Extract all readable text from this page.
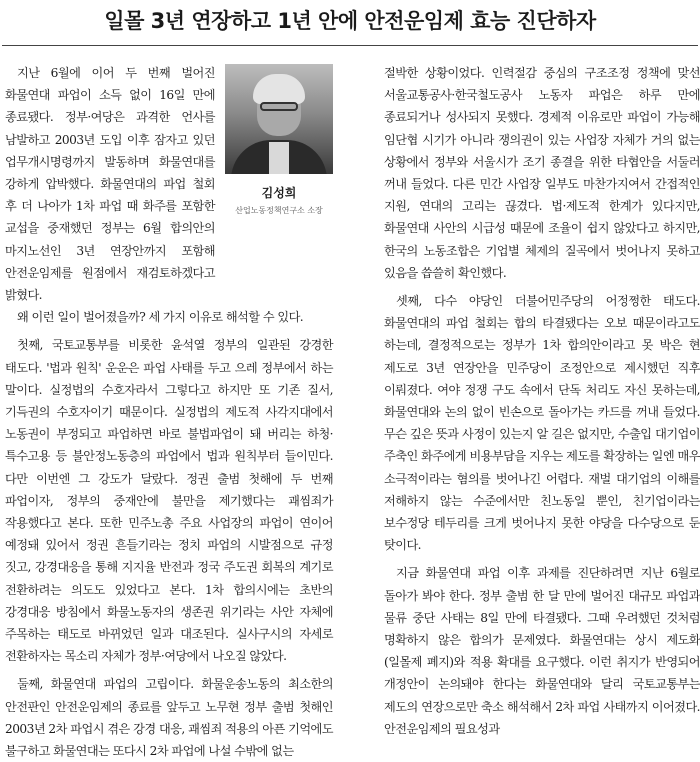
일몰 3년 연장하고 1년 안에 안전운임제 효능 진단하자
김성희
산업노동정책연구소 소장

지난 6월에 이어 두 번째 벌어진 화물연대 파업이 소득 없이 16일 만에 종료됐다. 정부·여당은 과격한 언사를 남발하고 2003년 도입 이후 잠자고 있던 업무개시명령까지 발동하며 화물연대를 강하게 압박했다. 화물연대의 파업 철회 후 더 나아가 1차 파업 때 화주를 포함한 교섭을 중재했던 정부는 6월 합의안의 마지노선인 3년 연장안까지 포함해 안전운임제를 원점에서 재검토하겠다고 밝혔다.

왜 이런 일이 벌어졌을까? 세 가지 이유로 해석할 수 있다.

첫째, 국토교통부를 비롯한 윤석열 정부의 일관된 강경한 태도다. '법과 원칙' 운운은 파업 사태를 두고 으레 정부에서 하는 말이다. 실정법의 수호자라서 그렇다고 하지만 또 기존 질서, 기득권의 수호자이기 때문이다. 실정법의 제도적 사각지대에서 노동권이 부정되고 파업하면 바로 불법파업이 돼 버리는 하청·특수고용 등 불안정노동층의 파업에서 법과 원칙부터 들이민다. 다만 이번엔 그 강도가 달랐다. 정권 출범 첫해에 두 번째 파업이자, 정부의 중재안에 불만을 제기했다는 괘씸죄가 작용했다고 본다. 또한 민주노총 주요 사업장의 파업이 연이어 예정돼 있어서 정권 흔들기라는 정치 파업의 시발점으로 규정 짓고, 강경대응을 통해 지지율 반전과 정국 주도권 회복의 계기로 전환하려는 의도도 있었다고 본다. 1차 합의시에는 초반의 강경대응 방침에서 화물노동자의 생존권 위기라는 사안 자체에 주목하는 태도로 바뀌었던 일과 대조된다. 실사구시의 자세로 전환하자는 목소리 자체가 정부·여당에서 나오질 않았다.

둘째, 화물연대 파업의 고립이다. 화물운송노동의 최소한의 안전판인 안전운임제의 종료를 앞두고 노무현 정부 출범 첫해인 2003년 2차 파업시 겪은 강경 대응, 괘씸죄 적용의 아픈 기억에도 불구하고 화물연대는 또다시 2차 파업에 나설 수밖에 없는

절박한 상황이었다. 인력절감 중심의 구조조정 정책에 맞선 서울교통공사·한국철도공사 노동자 파업은 하루 만에 종료되거나 성사되지 못했다. 경제적 이유로만 파업이 가능해 임단협 시기가 아니라 쟁의권이 있는 사업장 자체가 거의 없는 상황에서 정부와 서울시가 조기 종결을 위한 타협안을 서둘러 꺼내 들었다. 다른 민간 사업장 일부도 마찬가지여서 간접적인 지원, 연대의 고리는 끊겼다. 법·제도적 한계가 있다지만, 화물연대 사안의 시급성 때문에 조율이 쉽지 않았다고 하지만, 한국의 노동조합은 기업별 체제의 질곡에서 벗어나지 못하고 있음을 씁쓸히 확인했다.

셋째, 다수 야당인 더불어민주당의 어정쩡한 태도다. 화물연대의 파업 철회는 합의 타결됐다는 오보 때문이라고도 하는데, 결정적으로는 정부가 1차 합의안이라고 못 박은 현 제도로 3년 연장안을 민주당이 조정안으로 제시했던 직후 이뤄졌다. 여야 정쟁 구도 속에서 단독 처리도 자신 못하는데, 화물연대와 논의 없이 빈손으로 돌아가는 카드를 꺼내 들었다. 무슨 깊은 뜻과 사정이 있는지 알 길은 없지만, 수출입 대기업이 주축인 화주에게 비용부담을 지우는 제도를 확장하는 일엔 매우 소극적이라는 혐의를 벗어나긴 어렵다. 재벌 대기업의 이해를 저해하지 않는 수준에서만 친노동일 뿐인, 친기업이라는 보수정당 테두리를 크게 벗어나지 못한 야당을 다수당으로 둔 탓이다.

지금 화물연대 파업 이후 과제를 진단하려면 지난 6월로 돌아가 봐야 한다. 정부 출범 한 달 만에 벌어진 대규모 파업과 물류 중단 사태는 8일 만에 타결됐다. 그때 우려했던 것처럼 명확하지 않은 합의가 문제였다. 화물연대는 상시 제도화(일몰제 폐지)와 적용 확대를 요구했다. 이런 취지가 반영되어 개정안이 논의돼야 한다는 화물연대와 달리 국토교통부는 제도의 연장으로만 축소 해석해서 2차 파업 사태까지 이어졌다. 안전운임제의 필요성과
